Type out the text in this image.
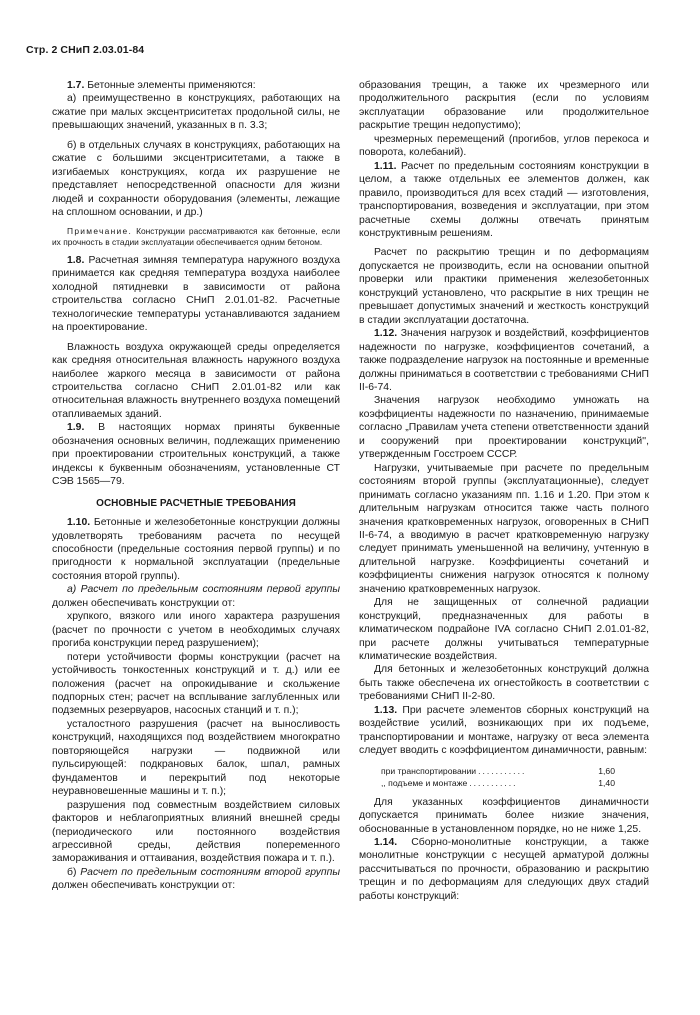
Стр. 2 СНиП 2.03.01-84

1.7. Бетонные элементы применяются:

а) преимущественно в конструкциях, работающих на сжатие при малых эксцентриситетах продольной силы, не превышающих значений, указанных в п. 3.3;

б) в отдельных случаях в конструкциях, работающих на сжатие с большими эксцентриситетами, а также в изгибаемых конструкциях, когда их разрушение не представляет непосредственной опасности для жизни людей и сохранности оборудования (элементы, лежащие на сплошном основании, и др.)

Примечание. Конструкции рассматриваются как бетонные, если их прочность в стадии эксплуатации обеспечивается одним бетоном.

1.8. Расчетная зимняя температура наружного воздуха принимается как средняя температура воздуха наиболее холодной пятидневки в зависимости от района строительства согласно СНиП 2.01.01-82. Расчетные технологические температуры устанавливаются заданием на проектирование.

Влажность воздуха окружающей среды определяется как средняя относительная влажность наружного воздуха наиболее жаркого месяца в зависимости от района строительства согласно СНиП 2.01.01-82 или как относительная влажность внутреннего воздуха помещений отапливаемых зданий.

1.9. В настоящих нормах приняты буквенные обозначения основных величин, подлежащих применению при проектировании строительных конструкций, а также индексы к буквенным обозначениям, установленные СТ СЭВ 1565—79.

ОСНОВНЫЕ РАСЧЕТНЫЕ ТРЕБОВАНИЯ

1.10. Бетонные и железобетонные конструкции должны удовлетворять требованиям расчета по несущей способности (предельные состояния первой группы) и по пригодности к нормальной эксплуатации (предельные состояния второй группы).

а) Расчет по предельным состояниям первой группы должен обеспечивать конструкции от:

хрупкого, вязкого или иного характера разрушения (расчет по прочности с учетом в необходимых случаях прогиба конструкции перед разрушением);

потери устойчивости формы конструкции (расчет на устойчивость тонкостенных конструкций и т. д.) или ее положения (расчет на опрокидывание и скольжение подпорных стен; расчет на всплывание заглубленных или подземных резервуаров, насосных станций и т. п.);

усталостного разрушения (расчет на выносливость конструкций, находящихся под воздействием многократно повторяющейся нагрузки — подвижной или пульсирующей: подкрановых балок, шпал, рамных фундаментов и перекрытий под некоторые неуравновешенные машины и т. п.);

разрушения под совместным воздействием силовых факторов и неблагоприятных влияний внешней среды (периодического или постоянного воздействия агрессивной среды, действия попеременного замораживания и оттаивания, воздействия пожара и т. п.).

б) Расчет по предельным состояниям второй группы должен обеспечивать конструкции от:

образования трещин, а также их чрезмерного или продолжительного раскрытия (если по условиям эксплуатации образование или продолжительное раскрытие трещин недопустимо);

чрезмерных перемещений (прогибов, углов перекоса и поворота, колебаний).

1.11. Расчет по предельным состояниям конструкции в целом, а также отдельных ее элементов должен, как правило, производиться для всех стадий — изготовления, транспортирования, возведения и эксплуатации, при этом расчетные схемы должны отвечать принятым конструктивным решениям.

Расчет по раскрытию трещин и по деформациям допускается не производить, если на основании опытной проверки или практики применения железобетонных конструкций установлено, что раскрытие в них трещин не превышает допустимых значений и жесткость конструкций в стадии эксплуатации достаточна.

1.12. Значения нагрузок и воздействий, коэффициентов надежности по нагрузке, коэффициентов сочетаний, а также подразделение нагрузок на постоянные и временные должны приниматься в соответствии с требованиями СНиП II-6-74.

Значения нагрузок необходимо умножать на коэффициенты надежности по назначению, принимаемые согласно „Правилам учета степени ответственности зданий и сооружений при проектировании конструкций'', утвержденным Госстроем СССР.

Нагрузки, учитываемые при расчете по предельным состояниям второй группы (эксплуатационные), следует принимать согласно указаниям пп. 1.16 и 1.20. При этом к длительным нагрузкам относится также часть полного значения кратковременных нагрузок, оговоренных в СНиП II-6-74, а вводимую в расчет кратковременную нагрузку следует принимать уменьшенной на величину, учтенную в длительной нагрузке. Коэффициенты сочетаний и коэффициенты снижения нагрузок относятся к полному значению кратковременных нагрузок.

Для не защищенных от солнечной радиации конструкций, предназначенных для работы в климатическом подрайоне IVA согласно СНиП 2.01.01-82, при расчете должны учитываться температурные климатические воздействия.

Для бетонных и железобетонных конструкций должна быть также обеспечена их огнестойкость в соответствии с требованиями СНиП II-2-80.

1.13. При расчете элементов сборных конструкций на воздействие усилий, возникающих при их подъеме, транспортировании и монтаже, нагрузку от веса элемента следует вводить с коэффициентом динамичности, равным:

при транспортировании ...........	1,60
,, подъеме и монтаже ...........	1,40

Для указанных коэффициентов динамичности допускается принимать более низкие значения, обоснованные в установленном порядке, но не ниже 1,25.

1.14. Сборно-монолитные конструкции, а также монолитные конструкции с несущей арматурой должны рассчитываться по прочности, образованию и раскрытию трещин и по деформациям для следующих двух стадий работы конструкций:
